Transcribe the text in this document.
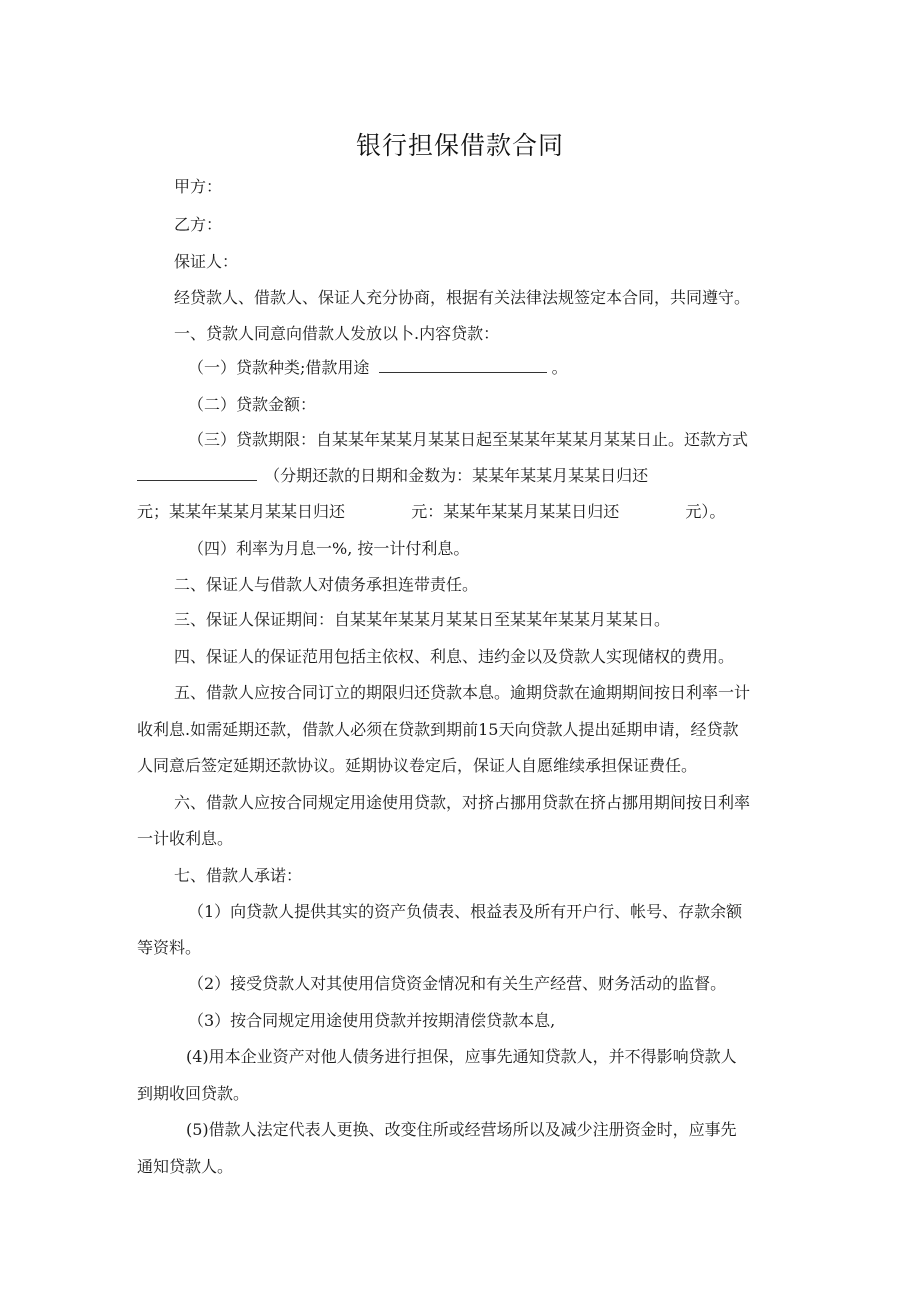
银行担保借款合同
甲方：
乙方：
保证人：
经贷款人、借款人、保证人充分协商，根据有关法律法规签定本合同，共同遵守。
一、贷款人同意向借款人发放以卜.内容贷款：
（一）贷款种类;借款用途	。
（二）贷款金额：
（三）贷款期限：自某某年某某月某某日起至某某年某某月某某日止。还款方式
（分期还款的日期和金数为：某某年某某月某某日归还
元；某某年某某月某某日归还	元：某某年某某月某某日归还	元）。
（四）利率为月息一%, 按一计付利息。
二、保证人与借款人对债务承担连带责任。
三、保证人保证期间：自某某年某某月某某日至某某年某某月某某日。
四、保证人的保证范用包括主依权、利息、违约金以及贷款人实现储权的费用。
五、借款人应按合同订立的期限归还贷款本息。逾期贷款在逾期期间按日利率一计
收利息.如需延期还款，借款人必须在贷款到期前15天向贷款人提出延期申请，经贷款
人同意后签定延期还款协议。延期协议卷定后，保证人自愿维续承担保证费任。
六、借款人应按合同规定用途使用贷款，对挤占挪用贷款在挤占挪用期间按日利率
一计收利息。
七、借款人承诺：
（1）向贷款人提供其实的资产负债表、根益表及所有开户行、帐号、存款余额
等资料。
（2）接受贷款人对其使用信贷资金情况和有关生产经营、财务活动的监督。
（3）按合同规定用途使用贷款并按期清偿贷款本息,
(4)用本企业资产对他人债务进行担保，应事先通知贷款人，并不得影响贷款人
到期收回贷款。
(5)借款人法定代表人更换、改变住所或经营场所以及减少注册资金时，应事先
通知贷款人。
